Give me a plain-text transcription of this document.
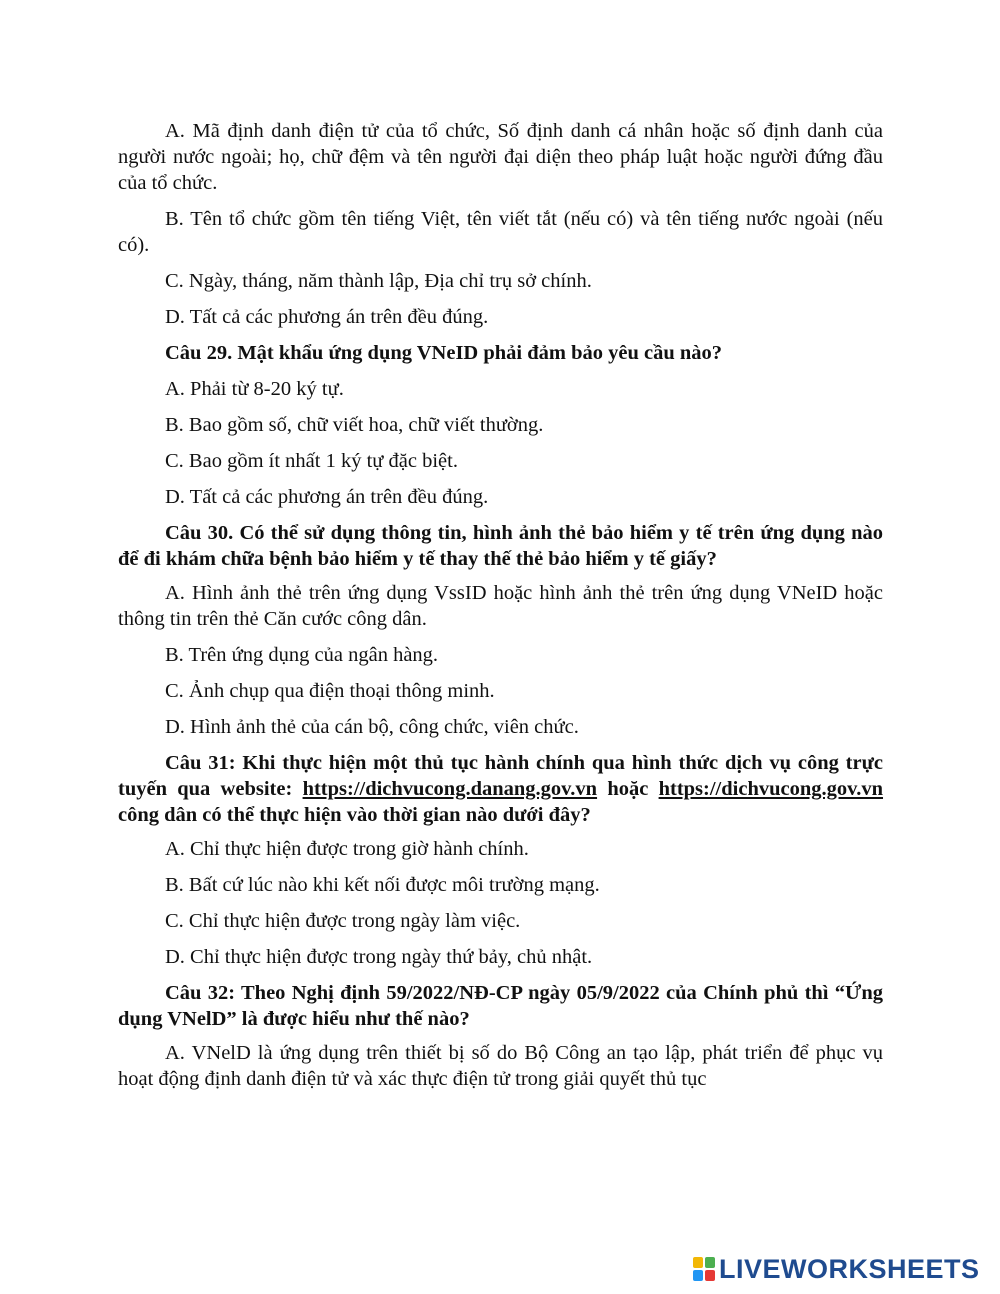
A. Mã định danh điện tử của tổ chức, Số định danh cá nhân hoặc số định danh của người nước ngoài; họ, chữ đệm và tên người đại diện theo pháp luật hoặc người đứng đầu của tổ chức.

B. Tên tổ chức gồm tên tiếng Việt, tên viết tắt (nếu có) và tên tiếng nước ngoài (nếu có).

C. Ngày, tháng, năm thành lập, Địa chỉ trụ sở chính.

D. Tất cả các phương án trên đều đúng.

Câu 29. Mật khẩu ứng dụng VNeID phải đảm bảo yêu cầu nào?

A. Phải từ 8-20 ký tự.

B. Bao gồm số, chữ viết hoa, chữ viết thường.

C. Bao gồm ít nhất 1 ký tự đặc biệt.

D. Tất cả các phương án trên đều đúng.

Câu 30. Có thể sử dụng thông tin, hình ảnh thẻ bảo hiểm y tế trên ứng dụng nào để đi khám chữa bệnh bảo hiểm y tế thay thế thẻ bảo hiểm y tế giấy?

A. Hình ảnh thẻ trên ứng dụng VssID hoặc hình ảnh thẻ trên ứng dụng VNeID hoặc thông tin trên thẻ Căn cước công dân.

B. Trên ứng dụng của ngân hàng.

C. Ảnh chụp qua điện thoại thông minh.

D. Hình ảnh thẻ của cán bộ, công chức, viên chức.

Câu 31: Khi thực hiện một thủ tục hành chính qua hình thức dịch vụ công trực tuyến qua website: https://dichvucong.danang.gov.vn hoặc https://dichvucong.gov.vn công dân có thể thực hiện vào thời gian nào dưới đây?

A. Chỉ thực hiện được trong giờ hành chính.

B. Bất cứ lúc nào khi kết nối được môi trường mạng.

C. Chỉ thực hiện được trong ngày làm việc.

D. Chỉ thực hiện được trong ngày thứ bảy, chủ nhật.

Câu 32: Theo Nghị định 59/2022/NĐ-CP ngày 05/9/2022 của Chính phủ thì “Ứng dụng VNelD” là được hiểu như thế nào?

A. VNelD là ứng dụng trên thiết bị số do Bộ Công an tạo lập, phát triển để phục vụ hoạt động định danh điện tử và xác thực điện tử trong giải quyết thủ tục

LIVEWORKSHEETS
